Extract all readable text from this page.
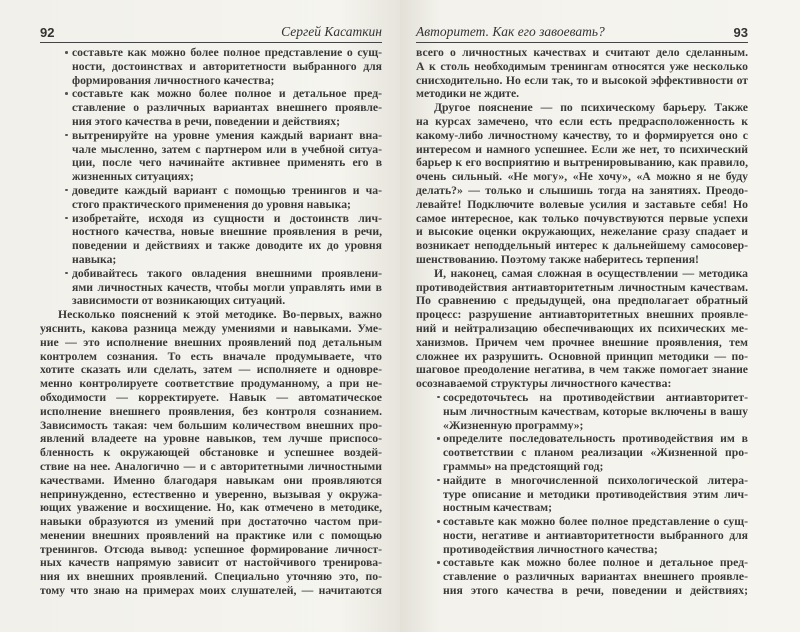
92	Сергей Касаткин
составьте как можно более полное представление о сущ-
ности, достоинствах и авторитетности выбранного для
формирования личностного качества;
составьте как можно более полное и детальное пред-
ставление о различных вариантах внешнего проявле-
ния этого качества в речи, поведении и действиях;
вытренируйте на уровне умения каждый вариант вна-
чале мысленно, затем с партнером или в учебной ситуа-
ции, после чего начинайте активнее применять его в
жизненных ситуациях;
доведите каждый вариант с помощью тренингов и ча-
стого практического применения до уровня навыка;
изобретайте, исходя из сущности и достоинств лич-
ностного качества, новые внешние проявления в речи,
поведении и действиях и также доводите их до уровня
навыка;
добивайтесь такого овладения внешними проявлени-
ями личностных качеств, чтобы могли управлять ими в
зависимости от возникающих ситуаций.
Несколько пояснений к этой методике. Во-первых, важно
уяснить, какова разница между умениями и навыками. Уме-
ние — это исполнение внешних проявлений под детальным
контролем сознания. То есть вначале продумываете, что
хотите сказать или сделать, затем — исполняете и одновре-
менно контролируете соответствие продуманному, а при не-
обходимости — корректируете. Навык — автоматическое
исполнение внешнего проявления, без контроля сознанием.
Зависимость такая: чем большим количеством внешних про-
явлений владеете на уровне навыков, тем лучше приспосо-
бленность к окружающей обстановке и успешнее воздей-
ствие на нее. Аналогично — и с авторитетными личностными
качествами. Именно благодаря навыкам они проявляются
непринужденно, естественно и уверенно, вызывая у окружа-
ющих уважение и восхищение. Но, как отмечено в методике,
навыки образуются из умений при достаточно частом при-
менении внешних проявлений на практике или с помощью
тренингов. Отсюда вывод: успешное формирование личност-
ных качеств напрямую зависит от настойчивого тренирова-
ния их внешних проявлений. Специально уточняю это, по-
тому что знаю на примерах моих слушателей, — начитаются
Авторитет. Как его завоевать?	93
всего о личностных качествах и считают дело сделанным.
А к столь необходимым тренингам относятся уже несколько
снисходительно. Но если так, то и высокой эффективности от
методики не ждите.
Другое пояснение — по психическому барьеру. Также
на курсах замечено, что если есть предрасположенность к
какому-либо личностному качеству, то и формируется оно с
интересом и намного успешнее. Если же нет, то психический
барьер к его восприятию и вытренировыванию, как правило,
очень сильный. «Не могу», «Не хочу», «А можно я не буду
делать?» — только и слышишь тогда на занятиях. Преодо-
левайте! Подключите волевые усилия и заставьте себя! Но
самое интересное, как только почувствуются первые успехи
и высокие оценки окружающих, нежелание сразу спадает и
возникает неподдельный интерес к дальнейшему самосовер-
шенствованию. Поэтому также наберитесь терпения!
И, наконец, самая сложная в осуществлении — методика
противодействия антиавторитетным личностным качествам.
По сравнению с предыдущей, она предполагает обратный
процесс: разрушение антиавторитетных внешних проявле-
ний и нейтрализацию обеспечивающих их психических ме-
ханизмов. Причем чем прочнее внешние проявления, тем
сложнее их разрушить. Основной принцип методики — по-
шаговое преодоление негатива, в чем также помогает знание
осознаваемой структуры личностного качества:
сосредоточьтесь на противодействии антиавторитет-
ным личностным качествам, которые включены в вашу
«Жизненную программу»;
определите последовательность противодействия им в
соответствии с планом реализации «Жизненной про-
граммы» на предстоящий год;
найдите в многочисленной психологической литера-
туре описание и методики противодействия этим лич-
ностным качествам;
составьте как можно более полное представление о сущ-
ности, негативе и антиавторитетности выбранного для
противодействия личностного качества;
составьте как можно более полное и детальное пред-
ставление о различных вариантах внешнего проявле-
ния этого качества в речи, поведении и действиях;
